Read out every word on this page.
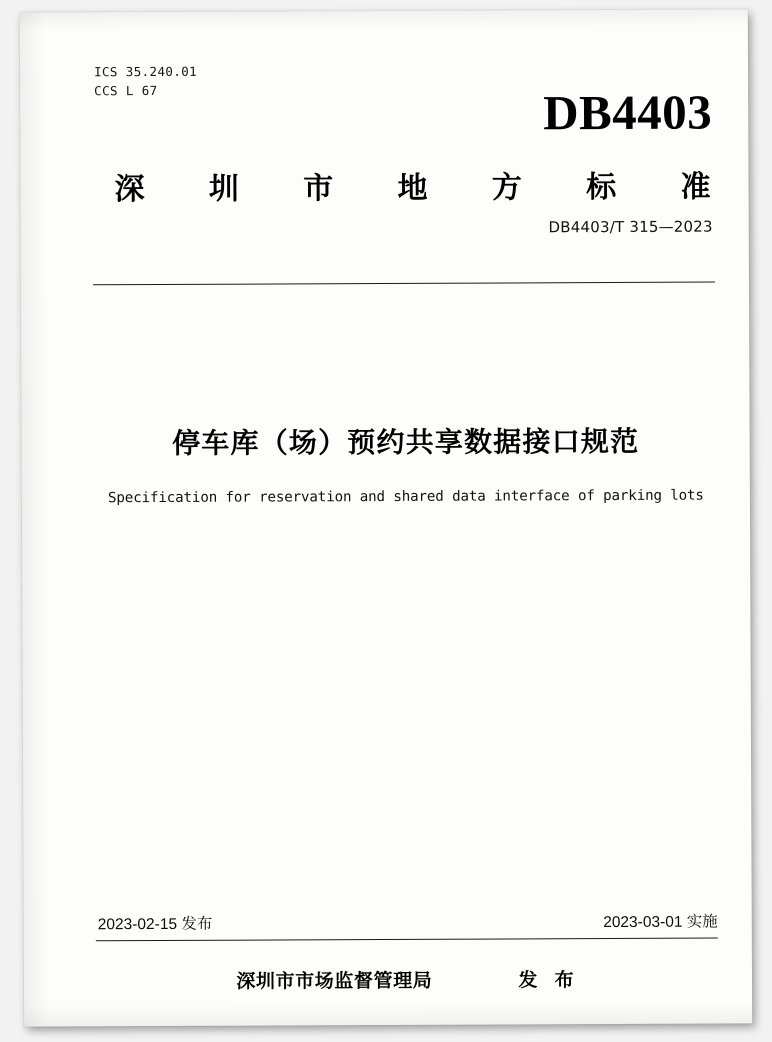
ICS 35.240.01
CCS L 67	DB4403
深 圳 市 地 方 标 准
DB4403/T 315—2023
停车库（场）预约共享数据接口规范
Specification for reservation and shared data interface of parking lots
2023-02-15 发布	2023-03-01 实施
深圳市市场监督管理局	发 布
